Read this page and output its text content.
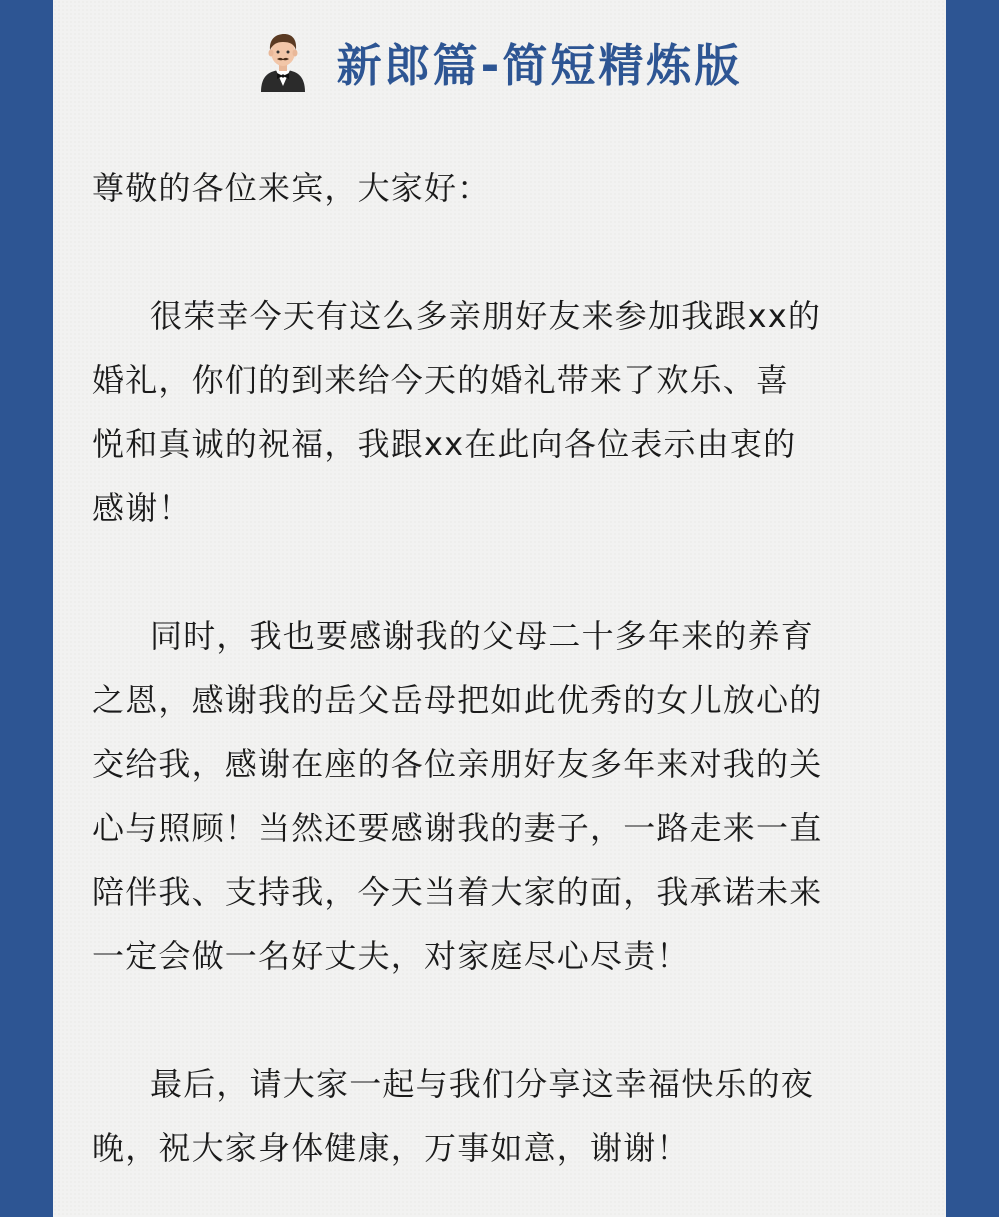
新郎篇-简短精炼版

尊敬的各位来宾，大家好：

很荣幸今天有这么多亲朋好友来参加我跟xx的

婚礼，你们的到来给今天的婚礼带来了欢乐、喜

悦和真诚的祝福，我跟xx在此向各位表示由衷的

感谢！

同时，我也要感谢我的父母二十多年来的养育

之恩，感谢我的岳父岳母把如此优秀的女儿放心的

交给我，感谢在座的各位亲朋好友多年来对我的关

心与照顾！当然还要感谢我的妻子，一路走来一直

陪伴我、支持我，今天当着大家的面，我承诺未来

一定会做一名好丈夫，对家庭尽心尽责！

最后，请大家一起与我们分享这幸福快乐的夜

晚，祝大家身体健康，万事如意，谢谢！
